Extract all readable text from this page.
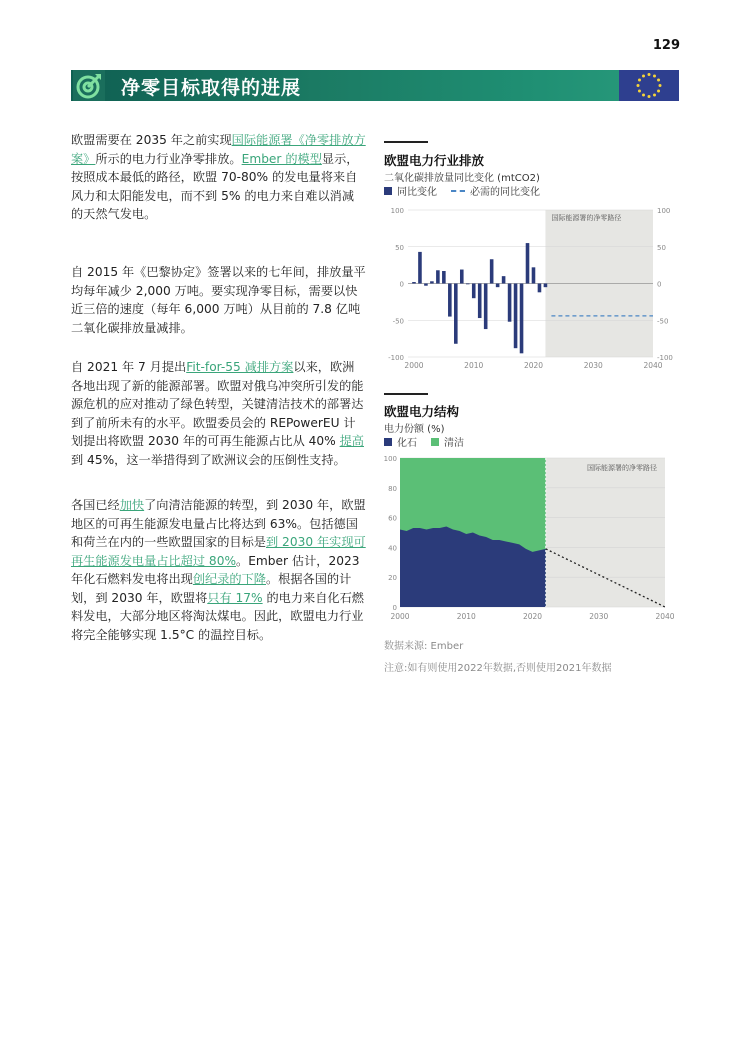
129
净零目标取得的进展
欧盟需要在 2035 年之前实现国际能源署《净零排放方案》所示的电力行业净零排放。Ember 的模型显示，按照成本最低的路径，欧盟 70-80% 的发电量将来自风力和太阳能发电，而不到 5% 的电力来自难以消减的天然气发电。
自 2015 年《巴黎协定》签署以来的七年间，排放量平均每年减少 2,000 万吨。要实现净零目标，需要以快近三倍的速度（每年 6,000 万吨）从目前的 7.8 亿吨二氧化碳排放量减排。
自 2021 年 7 月提出Fit-for-55 减排方案以来，欧洲各地出现了新的能源部署。欧盟对俄乌冲突所引发的能源危机的应对推动了绿色转型，关键清洁技术的部署达到了前所未有的水平。欧盟委员会的 REPowerEU 计划提出将欧盟 2030 年的可再生能源占比从 40% 提高到 45%，这一举措得到了欧洲议会的压倒性支持。
各国已经加快了向清洁能源的转型，到 2030 年，欧盟地区的可再生能源发电量占比将达到 63%。包括德国和荷兰在内的一些欧盟国家的目标是到 2030 年实现可再生能源发电量占比超过 80%。Ember 估计，2023 年化石燃料发电将出现创纪录的下降。根据各国的计划，到 2030 年，欧盟将只有 17% 的电力来自化石燃料发电，大部分地区将淘汰煤电。因此，欧盟电力行业将完全能够实现 1.5°C 的温控目标。
欧盟电力行业排放
二氧化碳排放量同比变化 (mtCO2)
同比变化	必需的同比变化
国际能源署的净零路径
100	100
50	50
0	0
-50	-50
-100	-100
2000	2010	2020	2030	2040
欧盟电力结构
电力份额 (%)
化石	清洁
国际能源署的净零路径
100
80
60
40
20
0
2000	2010	2020	2030	2040
数据来源: Ember
注意:如有则使用2022年数据,否则使用2021年数据
